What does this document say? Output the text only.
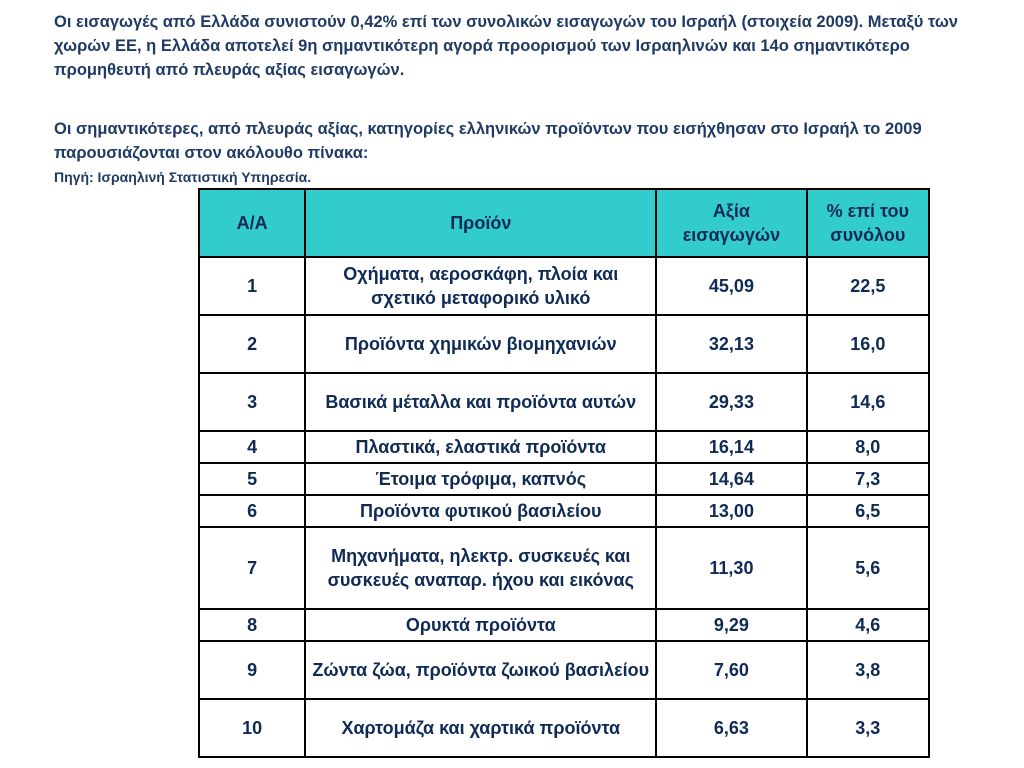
Οι εισαγωγές από Ελλάδα συνιστούν 0,42% επί των συνολικών εισαγωγών του Ισραήλ (στοιχεία 2009). Μεταξύ των χωρών ΕΕ, η Ελλάδα αποτελεί 9η σημαντικότερη αγορά προορισμού των Ισραηλινών και 14ο σημαντικότερο προμηθευτή από πλευράς αξίας εισαγωγών.

Οι σημαντικότερες, από πλευράς αξίας, κατηγορίες ελληνικών προϊόντων που εισήχθησαν στο Ισραήλ το 2009 παρουσιάζονται στον ακόλουθο πίνακα:

Πηγή: Ισραηλινή Στατιστική Υπηρεσία.
Α/Α	Προϊόν	Αξία εισαγωγών	% επί του συνόλου
1	Οχήματα, αεροσκάφη, πλοία και σχετικό μεταφορικό υλικό	45,09	22,5
2	Προϊόντα χημικών βιομηχανιών	32,13	16,0
3	Βασικά μέταλλα και προϊόντα αυτών	29,33	14,6
4	Πλαστικά, ελαστικά προϊόντα	16,14	8,0
5	Έτοιμα τρόφιμα, καπνός	14,64	7,3
6	Προϊόντα φυτικού βασιλείου	13,00	6,5
7	Μηχανήματα, ηλεκτρ. συσκευές και συσκευές αναπαρ. ήχου και εικόνας	11,30	5,6
8	Ορυκτά προϊόντα	9,29	4,6
9	Ζώντα ζώα, προϊόντα ζωικού βασιλείου	7,60	3,8
10	Χαρτομάζα και χαρτικά προϊόντα	6,63	3,3
